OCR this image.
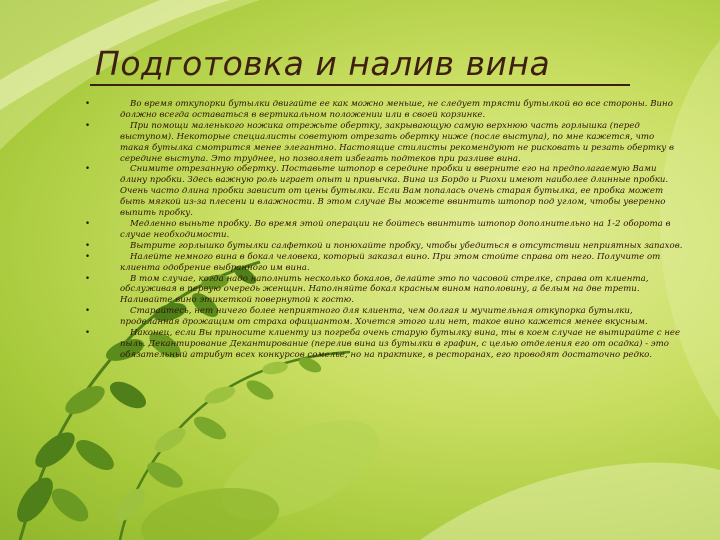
Подготовка и налив вина
•	Во время откупорки бутылки двигайте ее как можно меньше, не следует трясти бутылкой во все стороны. Вино должно всегда оставаться в вертикальном положении или в своей корзинке.
•	При помощи маленького ножика отрежьте обертку, закрывающую самую верхнюю часть горлышка (перед выступом). Некоторые специалисты советуют отрезать обертку ниже (после выступа), по мне кажется, что такая бутылка смотрится менее элегантно. Настоящие стилисты рекомендуют не рисковать и резать обертку в середине выступа. Это труднее, но позволяет избегать подтеков при разливе вина.
•	Снимите отрезанную обертку. Поставьте штопор в середине пробки и вверните его на предполагаемую Вами длину пробки. Здесь важную роль играет опыт и привычка. Вина из Бордо и Риохи имеют наиболее длинные пробки. Очень часто длина пробки зависит от цены бутылки. Если Вам попалась очень старая бутылка, ее пробка может быть мягкой из-за плесени и влажности. В этом случае Вы можете ввинтить штопор под углом, чтобы уверенно выпить пробку.
•	Медленно выньте пробку. Во время этой операции не бойтесь ввинтить штопор дополнительно на 1-2 оборота в случае необходимости.
•	Вытрите горлышко бутылки салфеткой и понюхайте пробку, чтобы убедиться в отсутствии неприятных запахов.
•	Налейте немного вина в бокал человека, который заказал вино. При этом стойте справа от него. Получите от клиента одобрение выбранного им вина.
•	В том случае, когда надо наполнить несколько бокалов, делайте это по часовой стрелке, справа от клиента, обслуживая в первую очередь женщин. Наполняйте бокал красным вином наполовину, а белым на две трети. Наливайте вино этикеткой повернутой к гостю.
•	Старайтесь, нет ничего более неприятного для клиента, чем долгая и мучительная откупорка бутылки, проделанная дрожащим от страха официантом. Хочется этого или нет, такое вино кажется менее вкусным.
•	Наконец, если Вы приносите клиенту из погреба очень старую бутылку вина, ты в коем случае не вытирайте с нее пыль. Декантирование Декантирование (перелив вина из бутылки в графин, с целью отделения его от осадка) - это обязательный атрибут всех конкурсов сомелье, но на практике, в ресторанах, его проводят достаточно редко.
